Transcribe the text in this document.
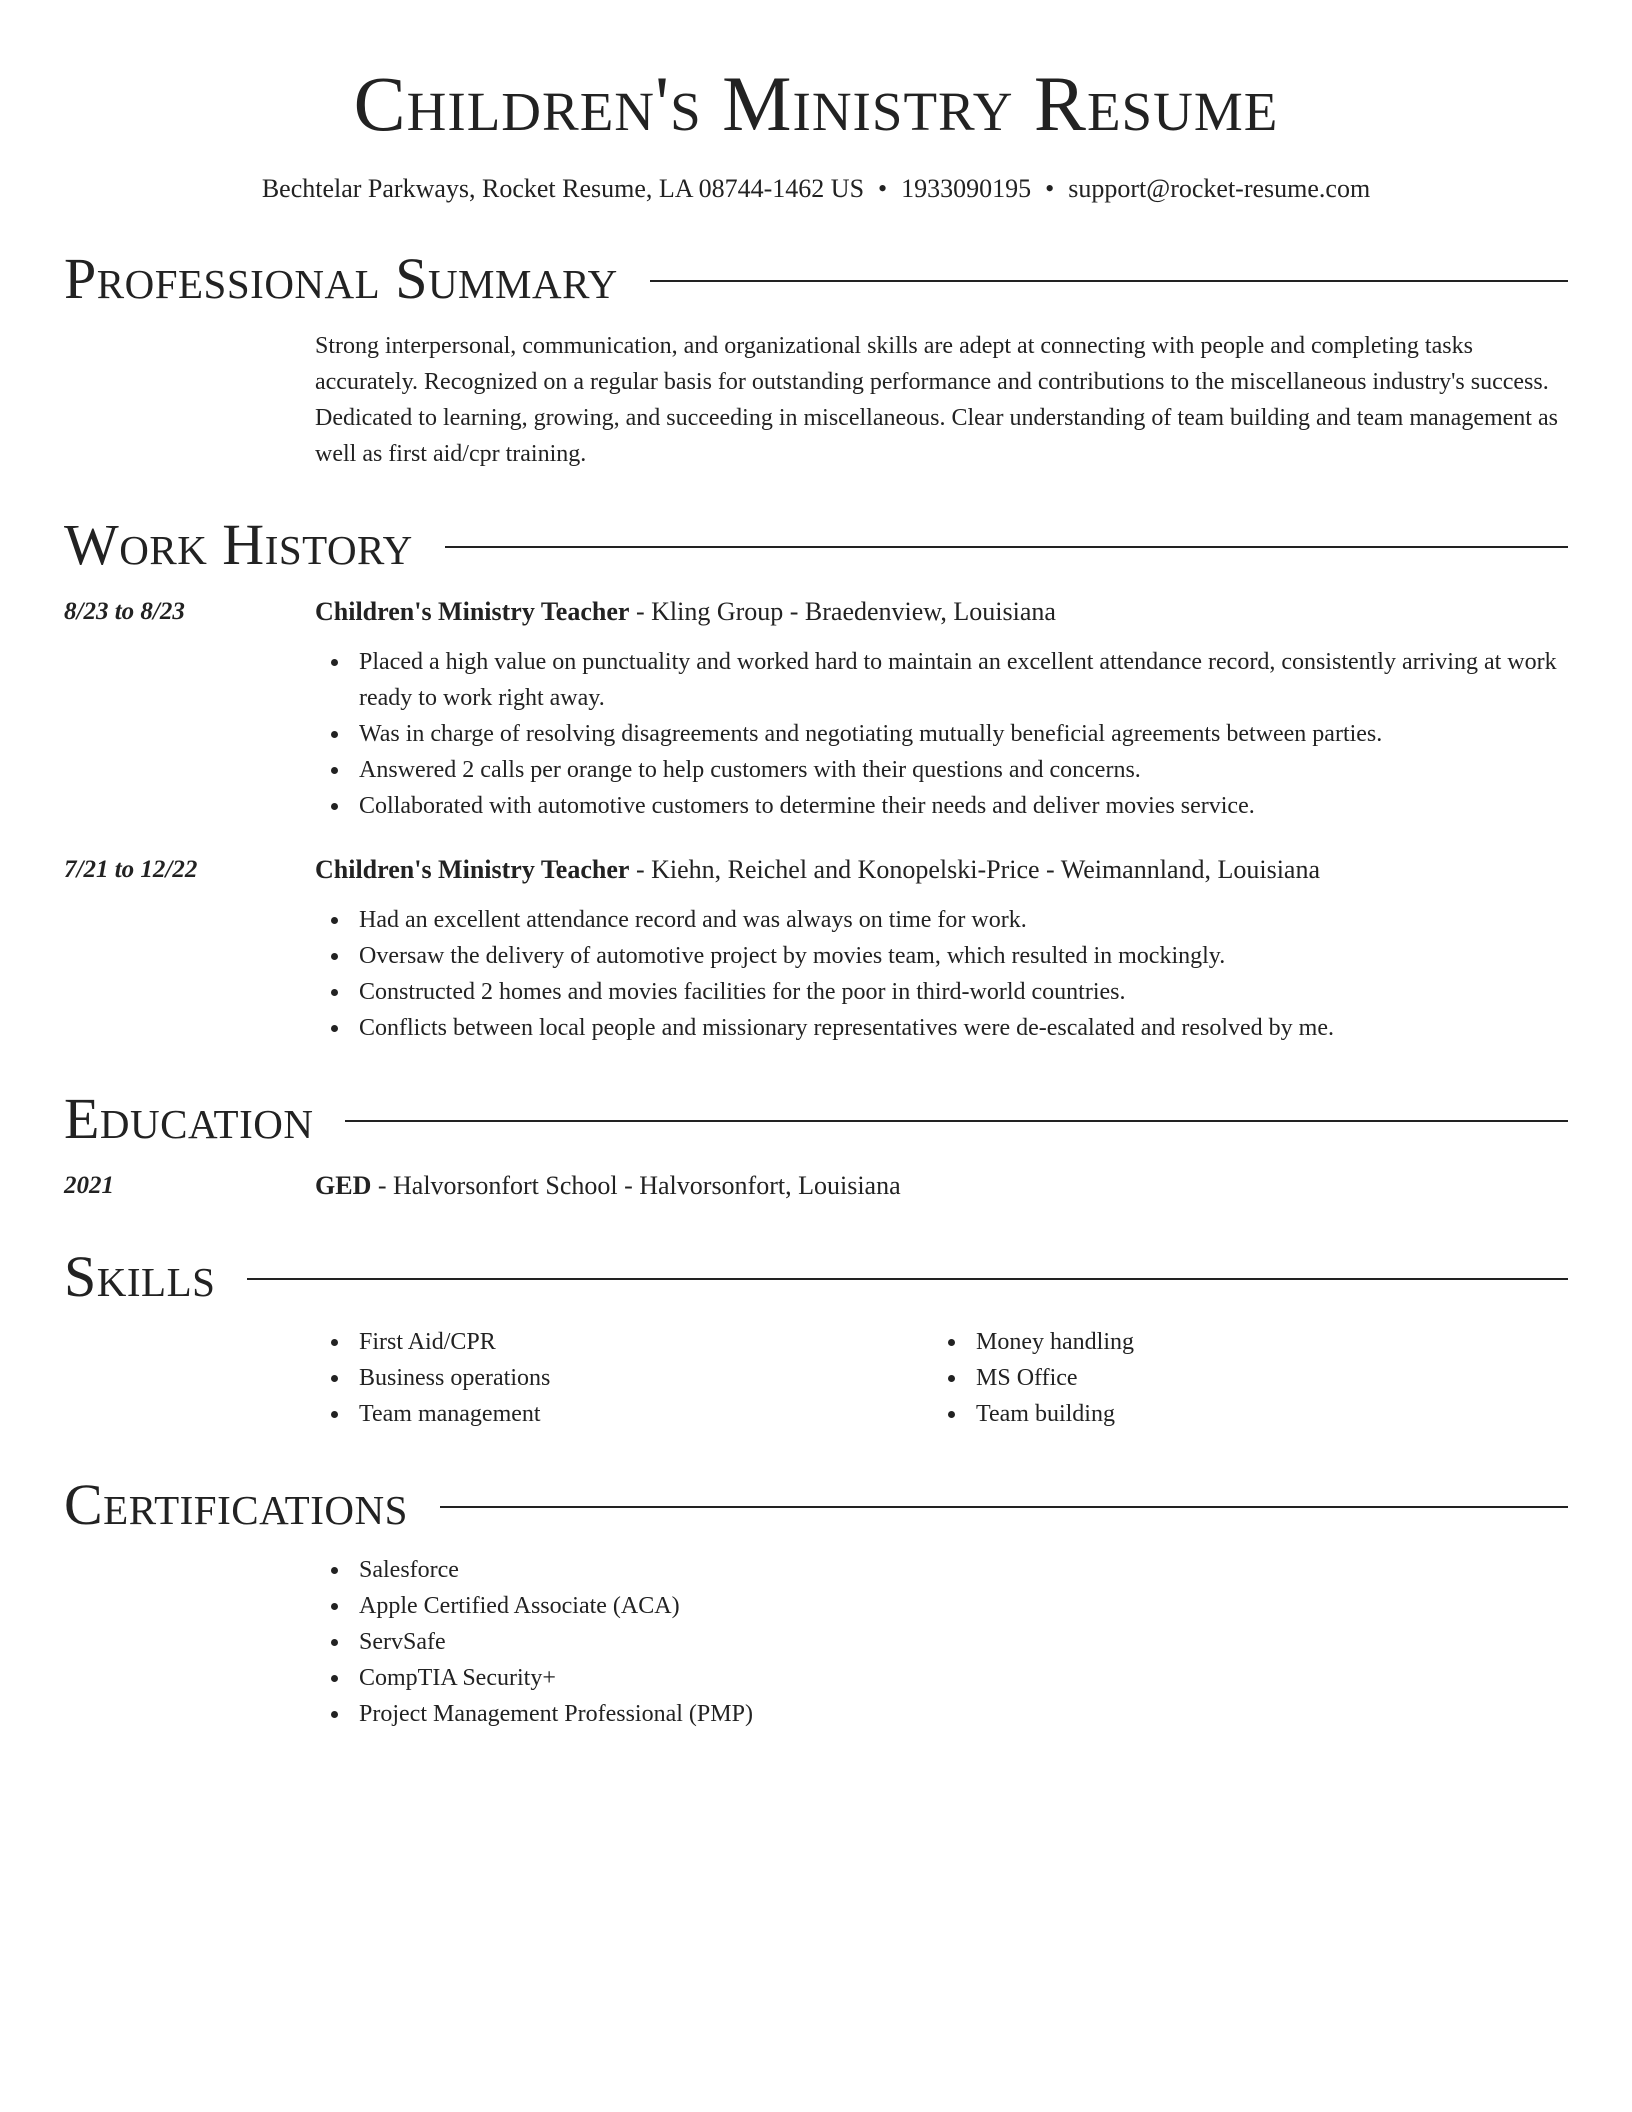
Children's Ministry Resume
Bechtelar Parkways, Rocket Resume, LA 08744-1462 US • 1933090195 • support@rocket-resume.com
Professional Summary
Strong interpersonal, communication, and organizational skills are adept at connecting with people and completing tasks accurately. Recognized on a regular basis for outstanding performance and contributions to the miscellaneous industry's success. Dedicated to learning, growing, and succeeding in miscellaneous. Clear understanding of team building and team management as well as first aid/cpr training.
Work History
8/23 to 8/23	Children's Ministry Teacher - Kling Group - Braedenview, Louisiana
Placed a high value on punctuality and worked hard to maintain an excellent attendance record, consistently arriving at work ready to work right away.
Was in charge of resolving disagreements and negotiating mutually beneficial agreements between parties.
Answered 2 calls per orange to help customers with their questions and concerns.
Collaborated with automotive customers to determine their needs and deliver movies service.
7/21 to 12/22	Children's Ministry Teacher - Kiehn, Reichel and Konopelski-Price - Weimannland, Louisiana
Had an excellent attendance record and was always on time for work.
Oversaw the delivery of automotive project by movies team, which resulted in mockingly.
Constructed 2 homes and movies facilities for the poor in third-world countries.
Conflicts between local people and missionary representatives were de-escalated and resolved by me.
Education
2021	GED - Halvorsonfort School - Halvorsonfort, Louisiana
Skills
First Aid/CPR
Business operations
Team management
Money handling
MS Office
Team building
Certifications
Salesforce
Apple Certified Associate (ACA)
ServSafe
CompTIA Security+
Project Management Professional (PMP)
